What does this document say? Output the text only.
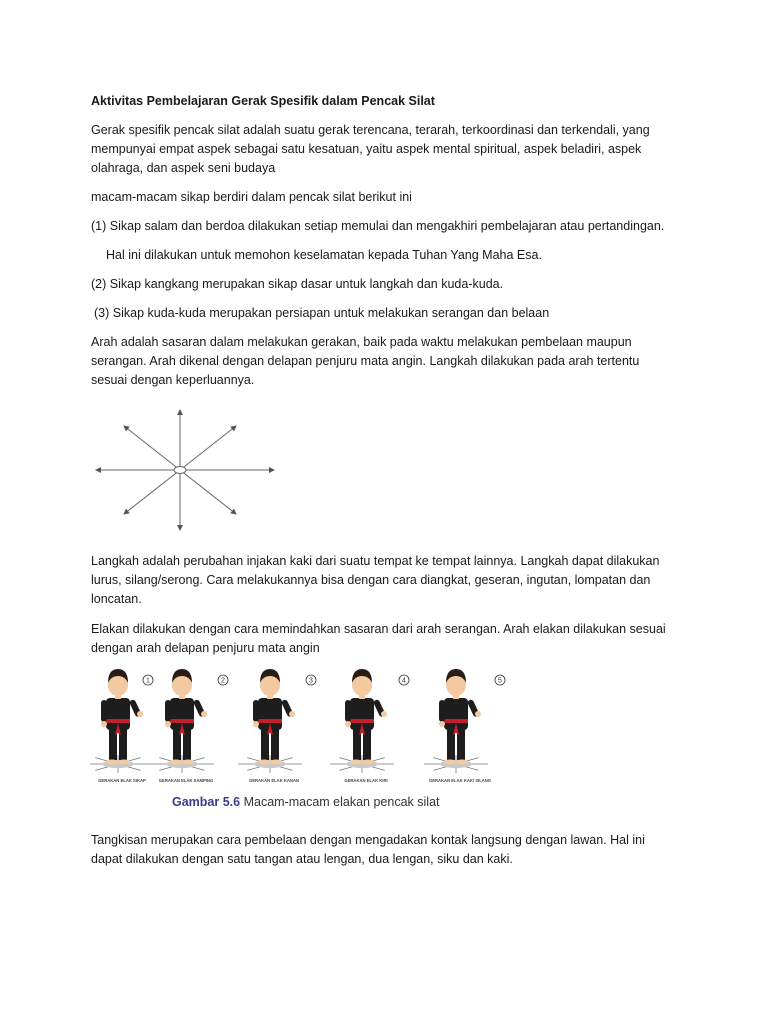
Aktivitas Pembelajaran Gerak Spesifik dalam Pencak Silat
Gerak spesifik pencak silat adalah suatu gerak terencana, terarah, terkoordinasi dan terkendali, yang
mempunyai empat aspek sebagai satu kesatuan, yaitu aspek mental spiritual, aspek beladiri, aspek
olahraga, dan aspek seni budaya
macam-macam sikap berdiri dalam pencak silat berikut ini
(1) Sikap salam dan berdoa dilakukan setiap memulai dan mengakhiri pembelajaran atau pertandingan.
Hal ini dilakukan untuk memohon keselamatan kepada Tuhan Yang Maha Esa.
(2) Sikap kangkang merupakan sikap dasar untuk langkah dan kuda-kuda.
(3) Sikap kuda-kuda merupakan persiapan untuk melakukan serangan dan belaan
Arah adalah sasaran dalam melakukan gerakan, baik pada waktu melakukan pembelaan maupun
serangan. Arah dikenal dengan delapan penjuru mata angin. Langkah dilakukan pada arah tertentu
sesuai dengan keperluannya.
Langkah adalah perubahan injakan kaki dari suatu tempat ke tempat lainnya. Langkah dapat dilakukan
lurus, silang/serong. Cara melakukannya bisa dengan cara diangkat, geseran, ingutan, lompatan dan
loncatan.
Elakan dilakukan dengan cara memindahkan sasaran dari arah serangan. Arah elakan dilakukan sesuai
dengan arah delapan penjuru mata angin
1
GERAKAN ELAK SIKAP
2
GERAKAN ELAK SAMPING
3
GERAKAN ELAK KANAN
4
GERAKAN ELAK KIRI
5
GERAKAN ELAK KAKI SILANG
Gambar 5.6 Macam-macam elakan pencak silat
Tangkisan merupakan cara pembelaan dengan mengadakan kontak langsung dengan lawan. Hal ini
dapat dilakukan dengan satu tangan atau lengan, dua lengan, siku dan kaki.
